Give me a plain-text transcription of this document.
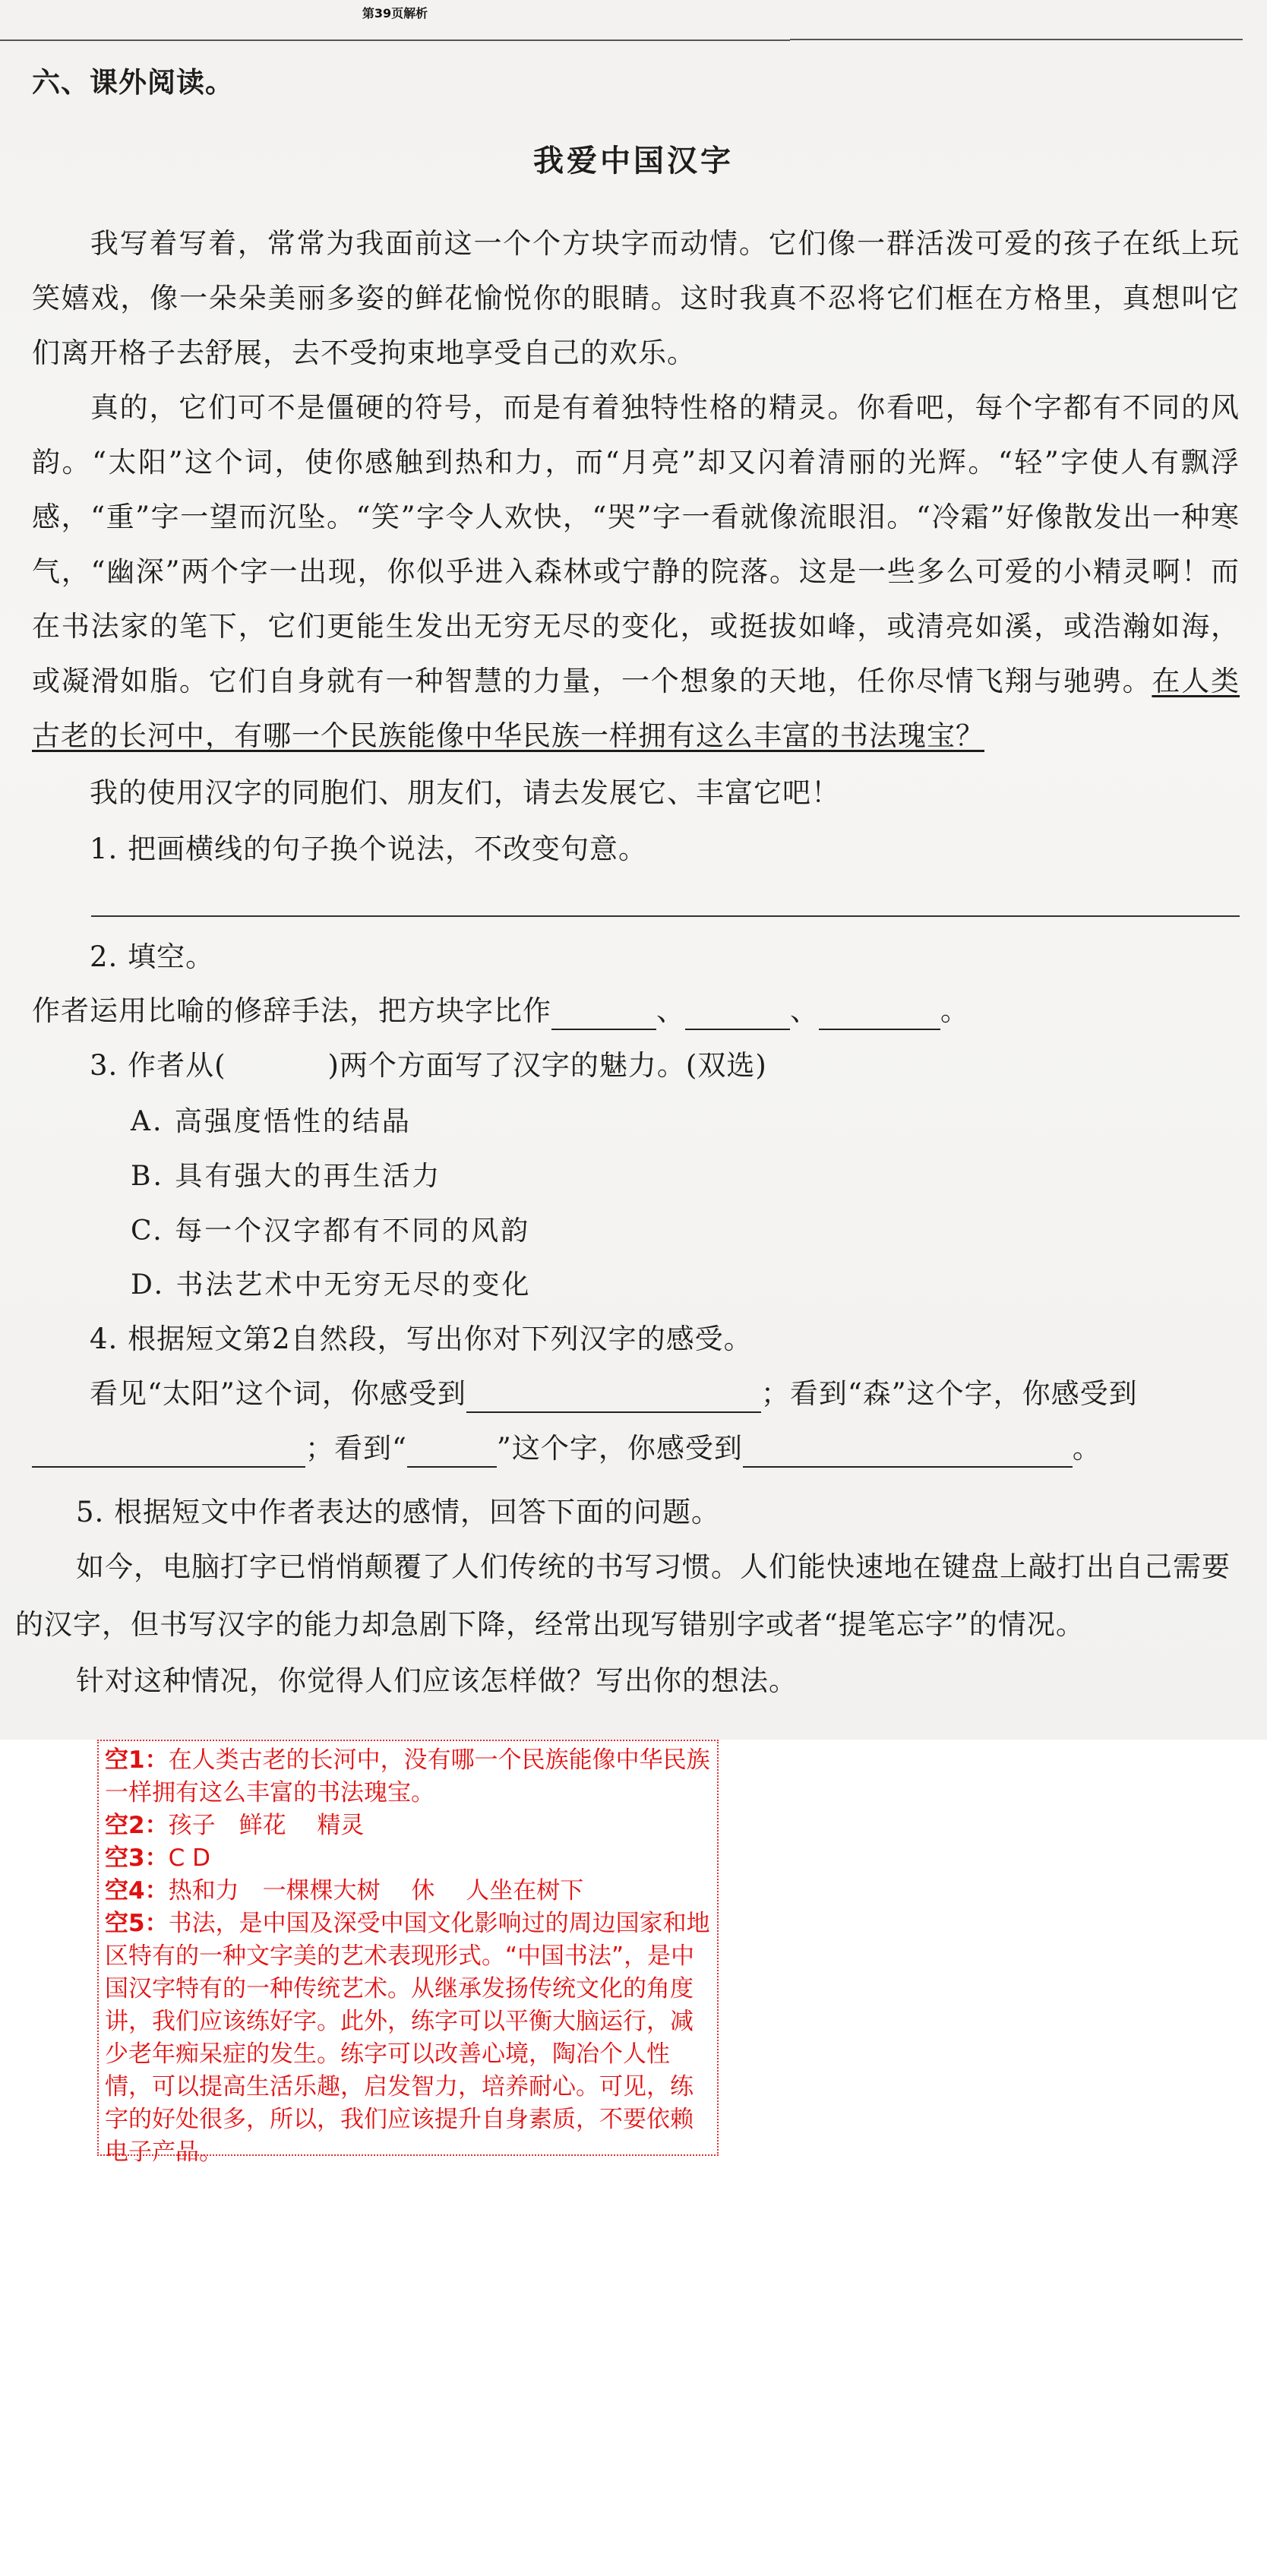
第39页解析
六、课外阅读。
我爱中国汉字

我写着写着，常常为我面前这一个个方块字而动情。它们像一群活泼可爱的孩子在纸上玩笑嬉戏，像一朵朵美丽多姿的鲜花愉悦你的眼睛。这时我真不忍将它们框在方格里，真想叫它们离开格子去舒展，去不受拘束地享受自己的欢乐。

真的，它们可不是僵硬的符号，而是有着独特性格的精灵。你看吧，每个字都有不同的风韵。“太阳”这个词，使你感触到热和力，而“月亮”却又闪着清丽的光辉。“轻”字使人有飘浮感，“重”字一望而沉坠。“笑”字令人欢快，“哭”字一看就像流眼泪。“冷霜”好像散发出一种寒气，“幽深”两个字一出现，你似乎进入森林或宁静的院落。这是一些多么可爱的小精灵啊！而在书法家的笔下，它们更能生发出无穷无尽的变化，或挺拔如峰，或清亮如溪，或浩瀚如海，或凝滑如脂。它们自身就有一种智慧的力量，一个想象的天地，任你尽情飞翔与驰骋。在人类古老的长河中，有哪一个民族能像中华民族一样拥有这么丰富的书法瑰宝？

我的使用汉字的同胞们、朋友们，请去发展它、丰富它吧！
1. 把画横线的句子换个说法，不改变句意。
2. 填空。
作者运用比喻的修辞手法，把方块字比作	、	、	。
3. 作者从(	)两个方面写了汉字的魅力。(双选)
A. 高强度悟性的结晶
B. 具有强大的再生活力
C. 每一个汉字都有不同的风韵
D. 书法艺术中无穷无尽的变化
4. 根据短文第2自然段，写出你对下列汉字的感受。
看见“太阳”这个词，你感受到	；看到“森”这个字，你感受到
；看到“	”这个字，你感受到	。
5. 根据短文中作者表达的感情，回答下面的问题。

如今，电脑打字已悄悄颠覆了人们传统的书写习惯。人们能快速地在键盘上敲打出自己需要的汉字，但书写汉字的能力却急剧下降，经常出现写错别字或者“提笔忘字”的情况。

针对这种情况，你觉得人们应该怎样做？写出你的想法。

空1：在人类古老的长河中，没有哪一个民族能像中华民族一样拥有这么丰富的书法瑰宝。

空2：孩子　鲜花　 精灵

空3：C D

空4：热和力　一棵棵大树　 休　 人坐在树下

空5：书法，是中国及深受中国文化影响过的周边国家和地区特有的一种文字美的艺术表现形式。“中国书法”，是中国汉字特有的一种传统艺术。从继承发扬传统文化的角度讲，我们应该练好字。此外，练字可以平衡大脑运行，减少老年痴呆症的发生。练字可以改善心境，陶冶个人性情，可以提高生活乐趣，启发智力，培养耐心。可见，练字的好处很多，所以，我们应该提升自身素质，不要依赖电子产品。
